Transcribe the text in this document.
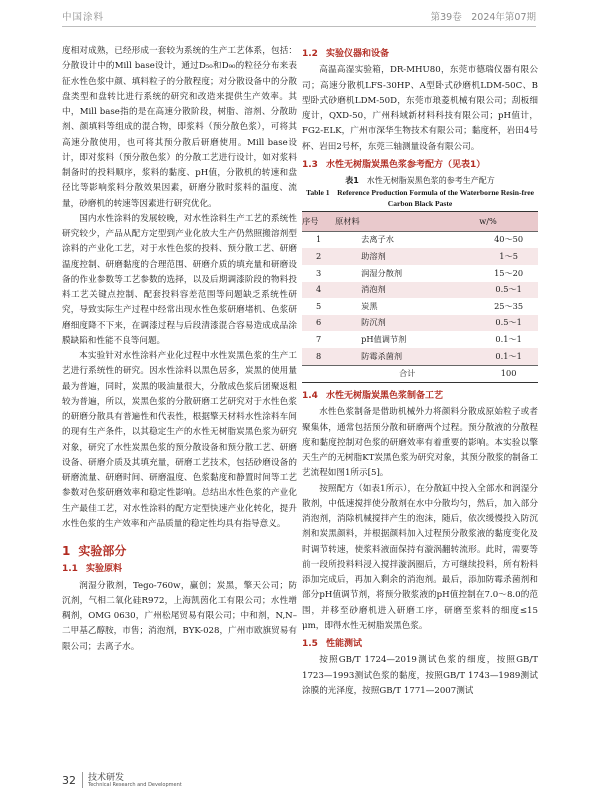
中国涂料	第39卷　2024年第07期

度相对成熟，已经形成一套较为系统的生产工艺体系，包括：分散设计中的Mill base设计，通过D₅₀和D₉₀的粒径分布来表征水性色浆中颜、填料粒子的分散程度；对分散设备中的分散盘类型和盘转比进行系统的研究和改造来提供生产效率。其中，Mill base指的是在高速分散阶段，树脂、溶剂、分散助剂、颜填料等组成的混合物，即浆料（预分散色浆），可将其高速分散使用，也可将其预分散后研磨使用。Mill base设计，即对浆料（预分散色浆）的分散工艺进行设计，如对浆料制备时的投料顺序，浆料的黏度、pH值，分散机的转速和盘径比等影响浆料分散效果因素，研磨分散时浆料的温度、流量，砂磨机的转速等因素进行研究优化。

国内水性涂料的发展较晚，对水性涂料生产工艺的系统性研究较少，产品从配方定型到产业化放大生产仍然照搬溶剂型涂料的产业化工艺，对于水性色浆的投料、预分散工艺、研磨温度控制、研磨黏度的合理范围、研磨介质的填充量和研磨设备的作业参数等工艺参数的选择，以及后期调漆阶段的物料投料工艺关键点控制、配套投料容差范围等问题缺乏系统性研究，导致实际生产过程中经常出现水性色浆研磨堵机、色浆研磨细度降不下来，在调漆过程与后段清漆混合容易造成成品涂膜缺陷和性能不良等问题。

本实验针对水性涂料产业化过程中水性炭黑色浆的生产工艺进行系统性的研究。因水性涂料以黑色居多，炭黑的使用量最为普遍，同时，炭黑的吸油量很大，分散成色浆后团聚返粗较为普遍，所以，炭黑色浆的分散研磨工艺研究对于水性色浆的研磨分散具有普遍性和代表性，根据擎天材料水性涂料车间的现有生产条件，以其稳定生产的水性无树脂炭黑色浆为研究对象，研究了水性炭黑色浆的预分散设备和预分散工艺、研磨设备、研磨介质及其填充量，研磨工艺技术，包括砂磨设备的研磨流量、研磨时间、研磨温度、色浆黏度和静置时间等工艺参数对色浆研磨效率和稳定性影响。总结出水性色浆的产业化生产最佳工艺，对水性涂料的配方定型快速产业化转化，提升水性色浆的生产效率和产品质量的稳定性均具有指导意义。

1 实验部分
1.1 实验原料

润湿分散剂，Tego-760w，赢创；炭黑，擎天公司；防沉剂，气相二氧化硅R972，上海凯茵化工有限公司；水性增稠剂，OMG 0630，广州松尾贸易有限公司；中和剂，N,N–二甲基乙醇胺，市售；消泡剂，BYK-028，广州市欧旗贸易有限公司；去离子水。

1.2 实验仪器和设备

高温高湿实验箱，DR-MHU80，东莞市德瑞仪器有限公司；高速分散机LFS-30HP、A型卧式砂磨机LDM-50C、B型卧式砂磨机LDM-50D，东莞市琅菱机械有限公司；刮板细度计，QXD-50，广州科域新材料科技有限公司；pH值计，FG2-ELK，广州市深华生物技术有限公司；黏度杯，岩田4号杯、岩田2号杯，东莞三轴测量设备有限公司。

1.3 水性无树脂炭黑色浆参考配方（见表1）
表1　 水性无树脂炭黑色浆的参考生产配方
Table 1　 Reference Production Formula of the Waterborne Resin-free Carbon Black Paste
序号	原材料	w/%
1	去离子水	40～50
2	助溶剂	1～5
3	润湿分散剂	15～20
4	消泡剂	0.5～1
5	炭黑	25～35
6	防沉剂	0.5～1
7	pH值调节剂	0.1～1
8	防霉杀菌剂	0.1～1
	合计	100
1.4 水性无树脂炭黑色浆制备工艺

水性色浆制备是借助机械外力将颜料分散成原始粒子或者聚集体，通常包括预分散和研磨两个过程。预分散液的分散程度和黏度控制对色浆的研磨效率有着重要的影响。本实验以擎天生产的无树脂KT炭黑色浆为研究对象，其预分散浆的制备工艺流程如图1所示[5]。

按照配方（如表1所示），在分散缸中投入全部水和润湿分散剂，中低速搅拌使分散剂在水中分散均匀，然后，加入部分消泡剂，消除机械搅拌产生的泡沫，随后，依次缓慢投入防沉剂和炭黑颜料，并根据颜料加入过程预分散浆液的黏度变化及时调节转速，使浆料液面保持有漩涡翻转流形。此时，需要等前一段所投料料浸入搅拌漩涡圈后，方可继续投料，所有粉料添加完成后，再加入剩余的消泡剂。最后，添加防霉杀菌剂和部分pH值调节剂，将预分散浆液的pH值控制在7.0～8.0的范围，并移至砂磨机进入研磨工序，研磨至浆料的细度≤15 μm，即得水性无树脂炭黑色浆。

1.5 性能测试

按照GB/T 1724—2019测试色浆的细度，按照GB/T 1723—1993测试色浆的黏度，按照GB/T 1743—1989测试涂膜的光泽度，按照GB/T 1771—2007测试

32 技术研发
Technical Research and Development
